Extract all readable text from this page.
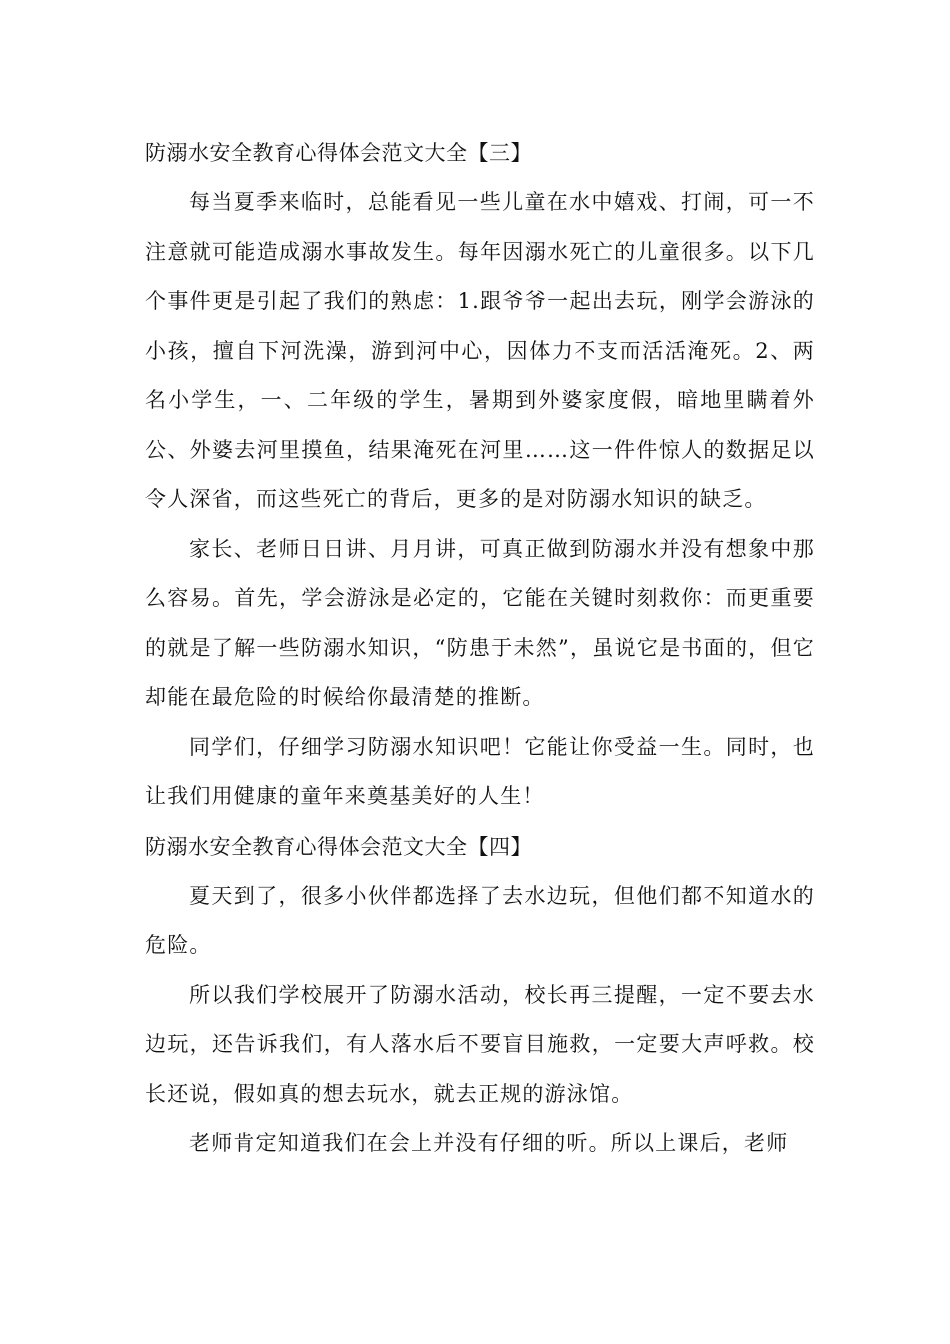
防溺水安全教育心得体会范文大全【三】

每当夏季来临时，总能看见一些儿童在水中嬉戏、打闹，可一不注意就可能造成溺水事故发生。每年因溺水死亡的儿童很多。以下几个事件更是引起了我们的熟虑：1.跟爷爷一起出去玩，刚学会游泳的小孩，擅自下河洗澡，游到河中心，因体力不支而活活淹死。2、两名小学生，一、二年级的学生，暑期到外婆家度假，暗地里瞒着外公、外婆去河里摸鱼，结果淹死在河里……这一件件惊人的数据足以令人深省，而这些死亡的背后，更多的是对防溺水知识的缺乏。

家长、老师日日讲、月月讲，可真正做到防溺水并没有想象中那么容易。首先，学会游泳是必定的，它能在关键时刻救你：而更重要的就是了解一些防溺水知识，“防患于未然”，虽说它是书面的，但它却能在最危险的时候给你最清楚的推断。

同学们，仔细学习防溺水知识吧！它能让你受益一生。同时，也让我们用健康的童年来奠基美好的人生！

防溺水安全教育心得体会范文大全【四】

夏天到了，很多小伙伴都选择了去水边玩，但他们都不知道水的危险。

所以我们学校展开了防溺水活动，校长再三提醒，一定不要去水边玩，还告诉我们，有人落水后不要盲目施救，一定要大声呼救。校长还说，假如真的想去玩水，就去正规的游泳馆。

老师肯定知道我们在会上并没有仔细的听。所以上课后，老师
